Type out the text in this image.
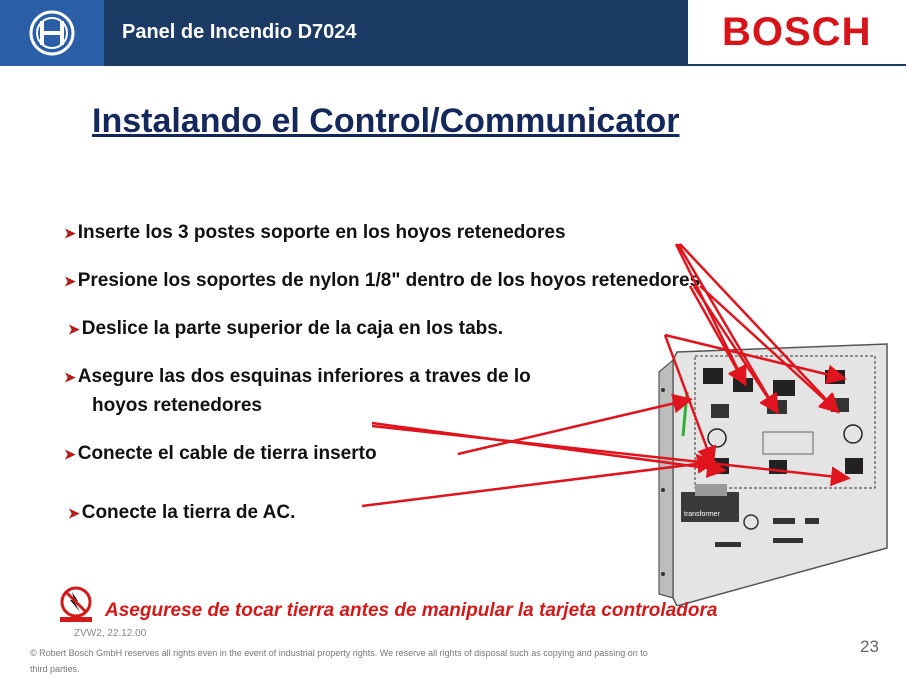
Panel de Incendio D7024	BOSCH
Instalando el Control/Communicator
➤ Inserte los 3 postes soporte en los hoyos retenedores
➤ Presione los soportes de nylon 1/8" dentro de los hoyos retenedores
➤ Deslice la parte superior de la caja en los tabs.
➤ Asegure las dos esquinas inferiores a traves de lo
hoyos retenedores
➤ Conecte el cable de tierra inserto
➤ Conecte la tierra de AC.	transformer
Asegurese de tocar tierra antes de manipular la tarjeta controladora
ZVW2, 22.12.00
© Robert Bosch GmbH reserves all rights even in the event of industrial property rights. We reserve all rights of disposal such as copying and passing on to third parties.
23
